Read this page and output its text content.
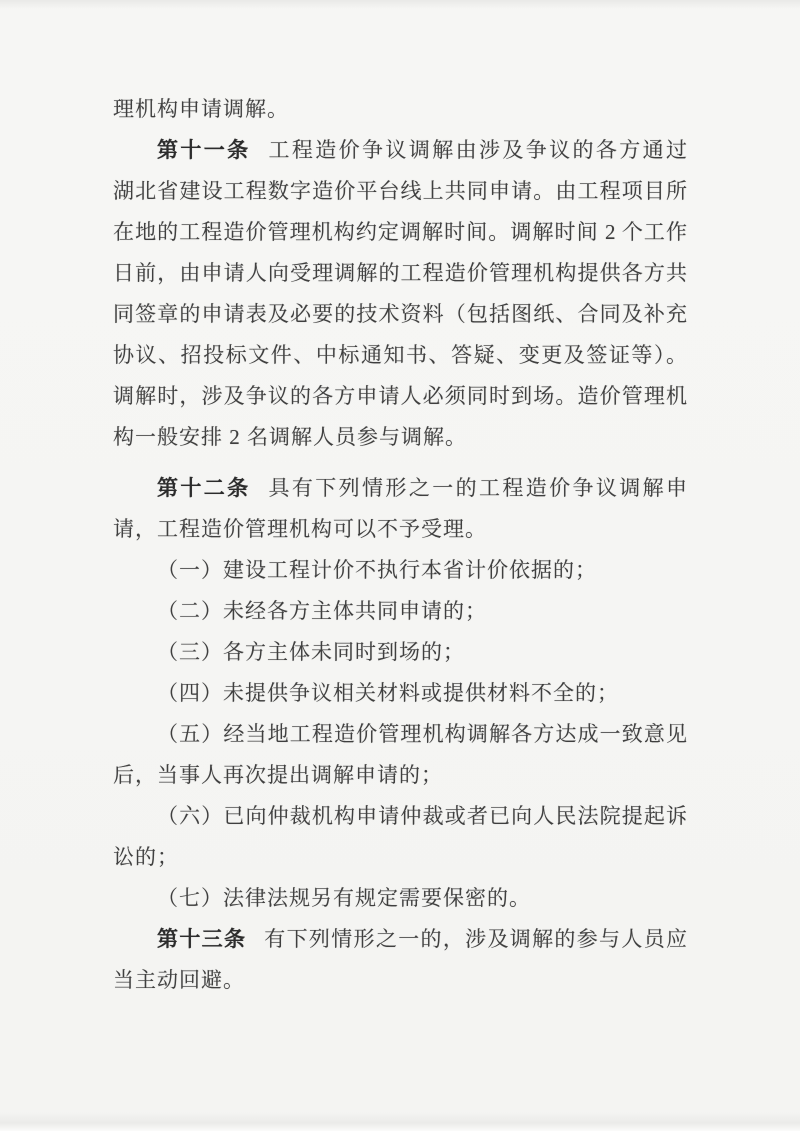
理机构申请调解。
第十一条 工程造价争议调解由涉及争议的各方通过
湖北省建设工程数字造价平台线上共同申请。由工程项目所
在地的工程造价管理机构约定调解时间。调解时间 2 个工作
日前，由申请人向受理调解的工程造价管理机构提供各方共
同签章的申请表及必要的技术资料（包括图纸、合同及补充
协议、招投标文件、中标通知书、答疑、变更及签证等）。
调解时，涉及争议的各方申请人必须同时到场。造价管理机
构一般安排 2 名调解人员参与调解。
第十二条 具有下列情形之一的工程造价争议调解申
请，工程造价管理机构可以不予受理。
（一）建设工程计价不执行本省计价依据的；
（二）未经各方主体共同申请的；
（三）各方主体未同时到场的；
（四）未提供争议相关材料或提供材料不全的；
（五）经当地工程造价管理机构调解各方达成一致意见
后，当事人再次提出调解申请的；
（六）已向仲裁机构申请仲裁或者已向人民法院提起诉
讼的；
（七）法律法规另有规定需要保密的。
第十三条 有下列情形之一的，涉及调解的参与人员应
当主动回避。
